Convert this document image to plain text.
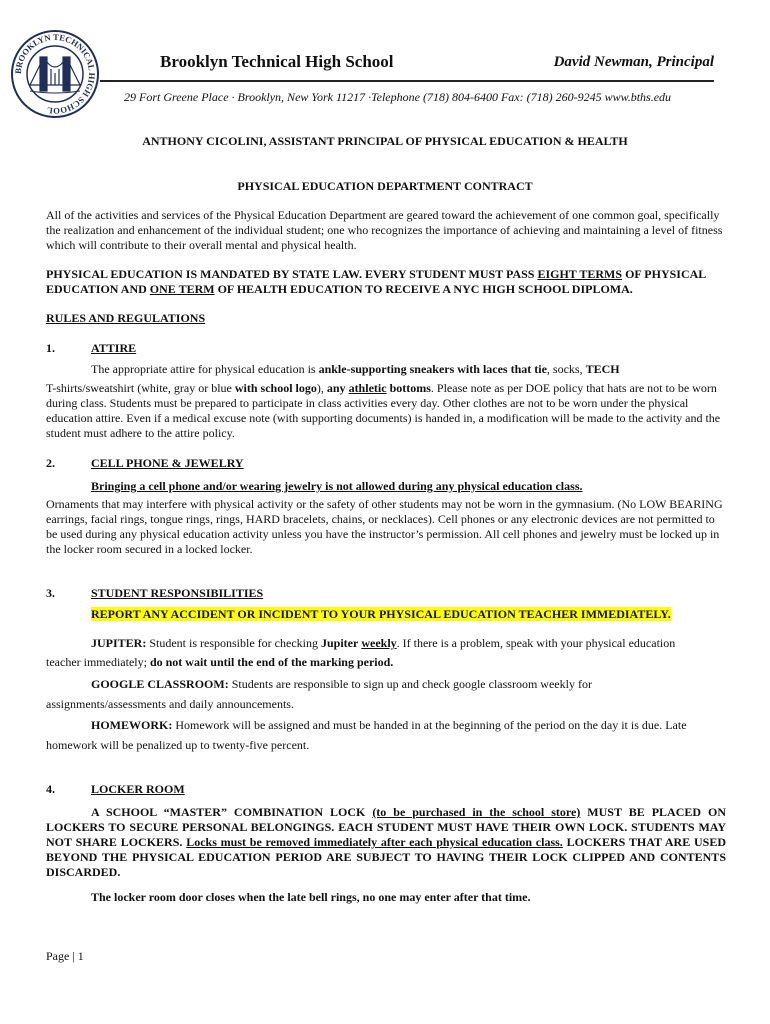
BROOKLYN TECHNICAL HIGH SCHOOL
Brooklyn Technical High School	David Newman, Principal
29 Fort Greene Place · Brooklyn, New York 11217 ·Telephone (718) 804-6400 Fax: (718) 260-9245 www.bths.edu
ANTHONY CICOLINI, ASSISTANT PRINCIPAL OF PHYSICAL EDUCATION & HEALTH
PHYSICAL EDUCATION DEPARTMENT CONTRACT
All of the activities and services of the Physical Education Department are geared toward the achievement of one common goal, specifically the realization and enhancement of the individual student; one who recognizes the importance of achieving and maintaining a level of fitness which will contribute to their overall mental and physical health.
PHYSICAL EDUCATION IS MANDATED BY STATE LAW. EVERY STUDENT MUST PASS EIGHT TERMS OF PHYSICAL EDUCATION AND ONE TERM OF HEALTH EDUCATION TO RECEIVE A NYC HIGH SCHOOL DIPLOMA.
RULES AND REGULATIONS
1.	ATTIRE
The appropriate attire for physical education is ankle-supporting sneakers with laces that tie, socks, TECH
T-shirts/sweatshirt (white, gray or blue with school logo), any athletic bottoms. Please note as per DOE policy that hats are not to be worn during class. Students must be prepared to participate in class activities every day. Other clothes are not to be worn under the physical education attire. Even if a medical excuse note (with supporting documents) is handed in, a modification will be made to the activity and the student must adhere to the attire policy.
2.	CELL PHONE & JEWELRY
Bringing a cell phone and/or wearing jewelry is not allowed during any physical education class.
Ornaments that may interfere with physical activity or the safety of other students may not be worn in the gymnasium. (No LOW BEARING earrings, facial rings, tongue rings, rings, HARD bracelets, chains, or necklaces). Cell phones or any electronic devices are not permitted to be used during any physical education activity unless you have the instructor’s permission. All cell phones and jewelry must be locked up in the locker room secured in a locked locker.
3.	STUDENT RESPONSIBILITIES
REPORT ANY ACCIDENT OR INCIDENT TO YOUR PHYSICAL EDUCATION TEACHER IMMEDIATELY.
JUPITER: Student is responsible for checking Jupiter weekly. If there is a problem, speak with your physical education
teacher immediately; do not wait until the end of the marking period.
GOOGLE CLASSROOM: Students are responsible to sign up and check google classroom weekly for
assignments/assessments and daily announcements.
HOMEWORK: Homework will be assigned and must be handed in at the beginning of the period on the day it is due. Late
homework will be penalized up to twenty-five percent.
4.	LOCKER ROOM
A SCHOOL “MASTER” COMBINATION LOCK (to be purchased in the school store) MUST BE PLACED ON LOCKERS TO SECURE PERSONAL BELONGINGS. EACH STUDENT MUST HAVE THEIR OWN LOCK. STUDENTS MAY NOT SHARE LOCKERS. Locks must be removed immediately after each physical education class. LOCKERS THAT ARE USED BEYOND THE PHYSICAL EDUCATION PERIOD ARE SUBJECT TO HAVING THEIR LOCK CLIPPED AND CONTENTS DISCARDED.
The locker room door closes when the late bell rings, no one may enter after that time.
Page | 1
